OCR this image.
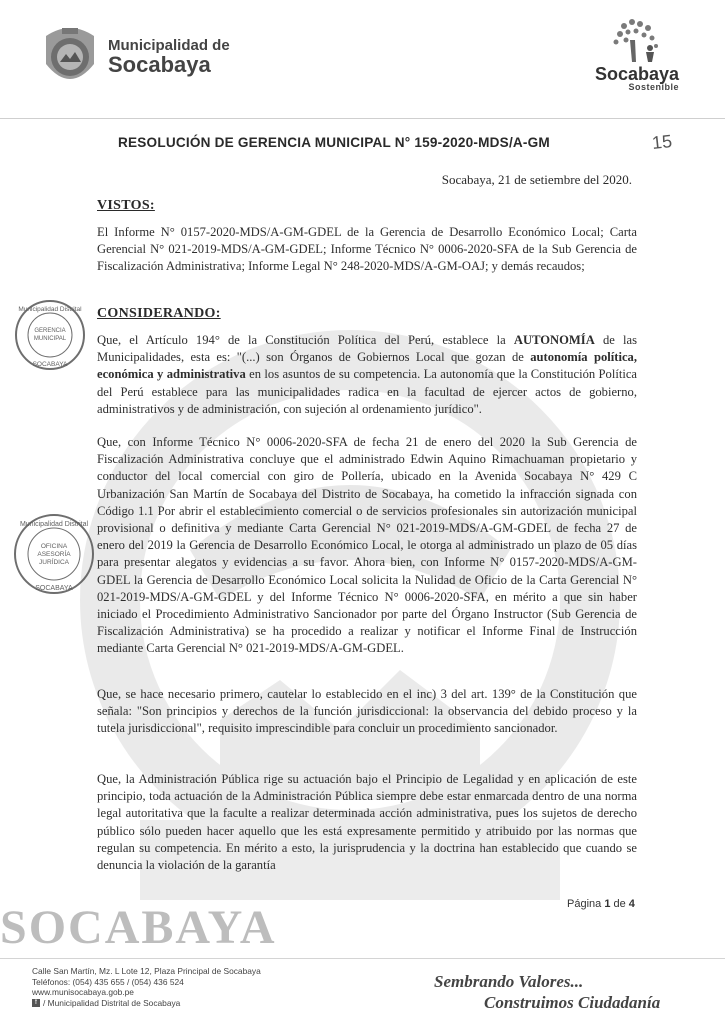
Municipalidad de
Socabaya	Socabaya
Sostenible
15
RESOLUCIÓN DE GERENCIA MUNICIPAL N° 159-2020-MDS/A-GM
Socabaya, 21 de setiembre del 2020.
VISTOS:

El Informe N° 0157-2020-MDS/A-GM-GDEL de la Gerencia de Desarrollo Económico Local; Carta Gerencial N° 021-2019-MDS/A-GM-GDEL; Informe Técnico N° 0006-2020-SFA de la Sub Gerencia de Fiscalización Administrativa; Informe Legal N° 248-2020-MDS/A-GM-OAJ; y demás recaudos;

CONSIDERANDO:

Que, el Artículo 194° de la Constitución Política del Perú, establece la AUTONOMÍA de las Municipalidades, esta es: "(...) son Órganos de Gobiernos Local que gozan de autonomía política, económica y administrativa en los asuntos de su competencia. La autonomía que la Constitución Política del Perú establece para las municipalidades radica en la facultad de ejercer actos de gobierno, administrativos y de administración, con sujeción al ordenamiento jurídico".

Que, con Informe Técnico N° 0006-2020-SFA de fecha 21 de enero del 2020 la Sub Gerencia de Fiscalización Administrativa concluye que el administrado Edwin Aquino Rimachuaman propietario y conductor del local comercial con giro de Pollería, ubicado en la Avenida Socabaya N° 429 C Urbanización San Martín de Socabaya del Distrito de Socabaya, ha cometido la infracción signada con Código 1.1 Por abrir el establecimiento comercial o de servicios profesionales sin autorización municipal provisional o definitiva y mediante Carta Gerencial N° 021-2019-MDS/A-GM-GDEL de fecha 27 de enero del 2019 la Gerencia de Desarrollo Económico Local, le otorga al administrado un plazo de 05 días para presentar alegatos y evidencias a su favor. Ahora bien, con Informe N° 0157-2020-MDS/A-GM-GDEL la Gerencia de Desarrollo Económico Local solicita la Nulidad de Oficio de la Carta Gerencial N° 021-2019-MDS/A-GM-GDEL y del Informe Técnico N° 0006-2020-SFA, en mérito a que sin haber iniciado el Procedimiento Administrativo Sancionador por parte del Órgano Instructor (Sub Gerencia de Fiscalización Administrativa) se ha procedido a realizar y notificar el Informe Final de Instrucción mediante Carta Gerencial N° 021-2019-MDS/A-GM-GDEL.

Que, se hace necesario primero, cautelar lo establecido en el inc) 3 del art. 139° de la Constitución que señala: "Son principios y derechos de la función jurisdiccional: la observancia del debido proceso y la tutela jurisdiccional", requisito imprescindible para concluir un procedimiento sancionador.

Que, la Administración Pública rige su actuación bajo el Principio de Legalidad y en aplicación de este principio, toda actuación de la Administración Pública siempre debe estar enmarcada dentro de una norma legal autoritativa que la faculte a realizar determinada acción administrativa, pues los sujetos de derecho público sólo pueden hacer aquello que les está expresamente permitido y atribuido por las normas que regulan su competencia. En mérito a esto, la jurisprudencia y la doctrina han establecido que cuando se denuncia la violación de la garantía

Municipalidad Distrital
GERENCIA
MUNICIPAL
SOCABAYA
Municipalidad Distrital
OFICINA
ASESORÍA
JURÍDICA
SOCABAYA
SOCABAYA	Página 1 de 4
Calle San Martín, Mz. L Lote 12, Plaza Principal de Socabaya
Teléfonos: (054) 435 655 / (054) 436 524
www.munisocabaya.gob.pe
f / Municipalidad Distrital de Socabaya
Sembrando Valores...
Construimos Ciudadanía
